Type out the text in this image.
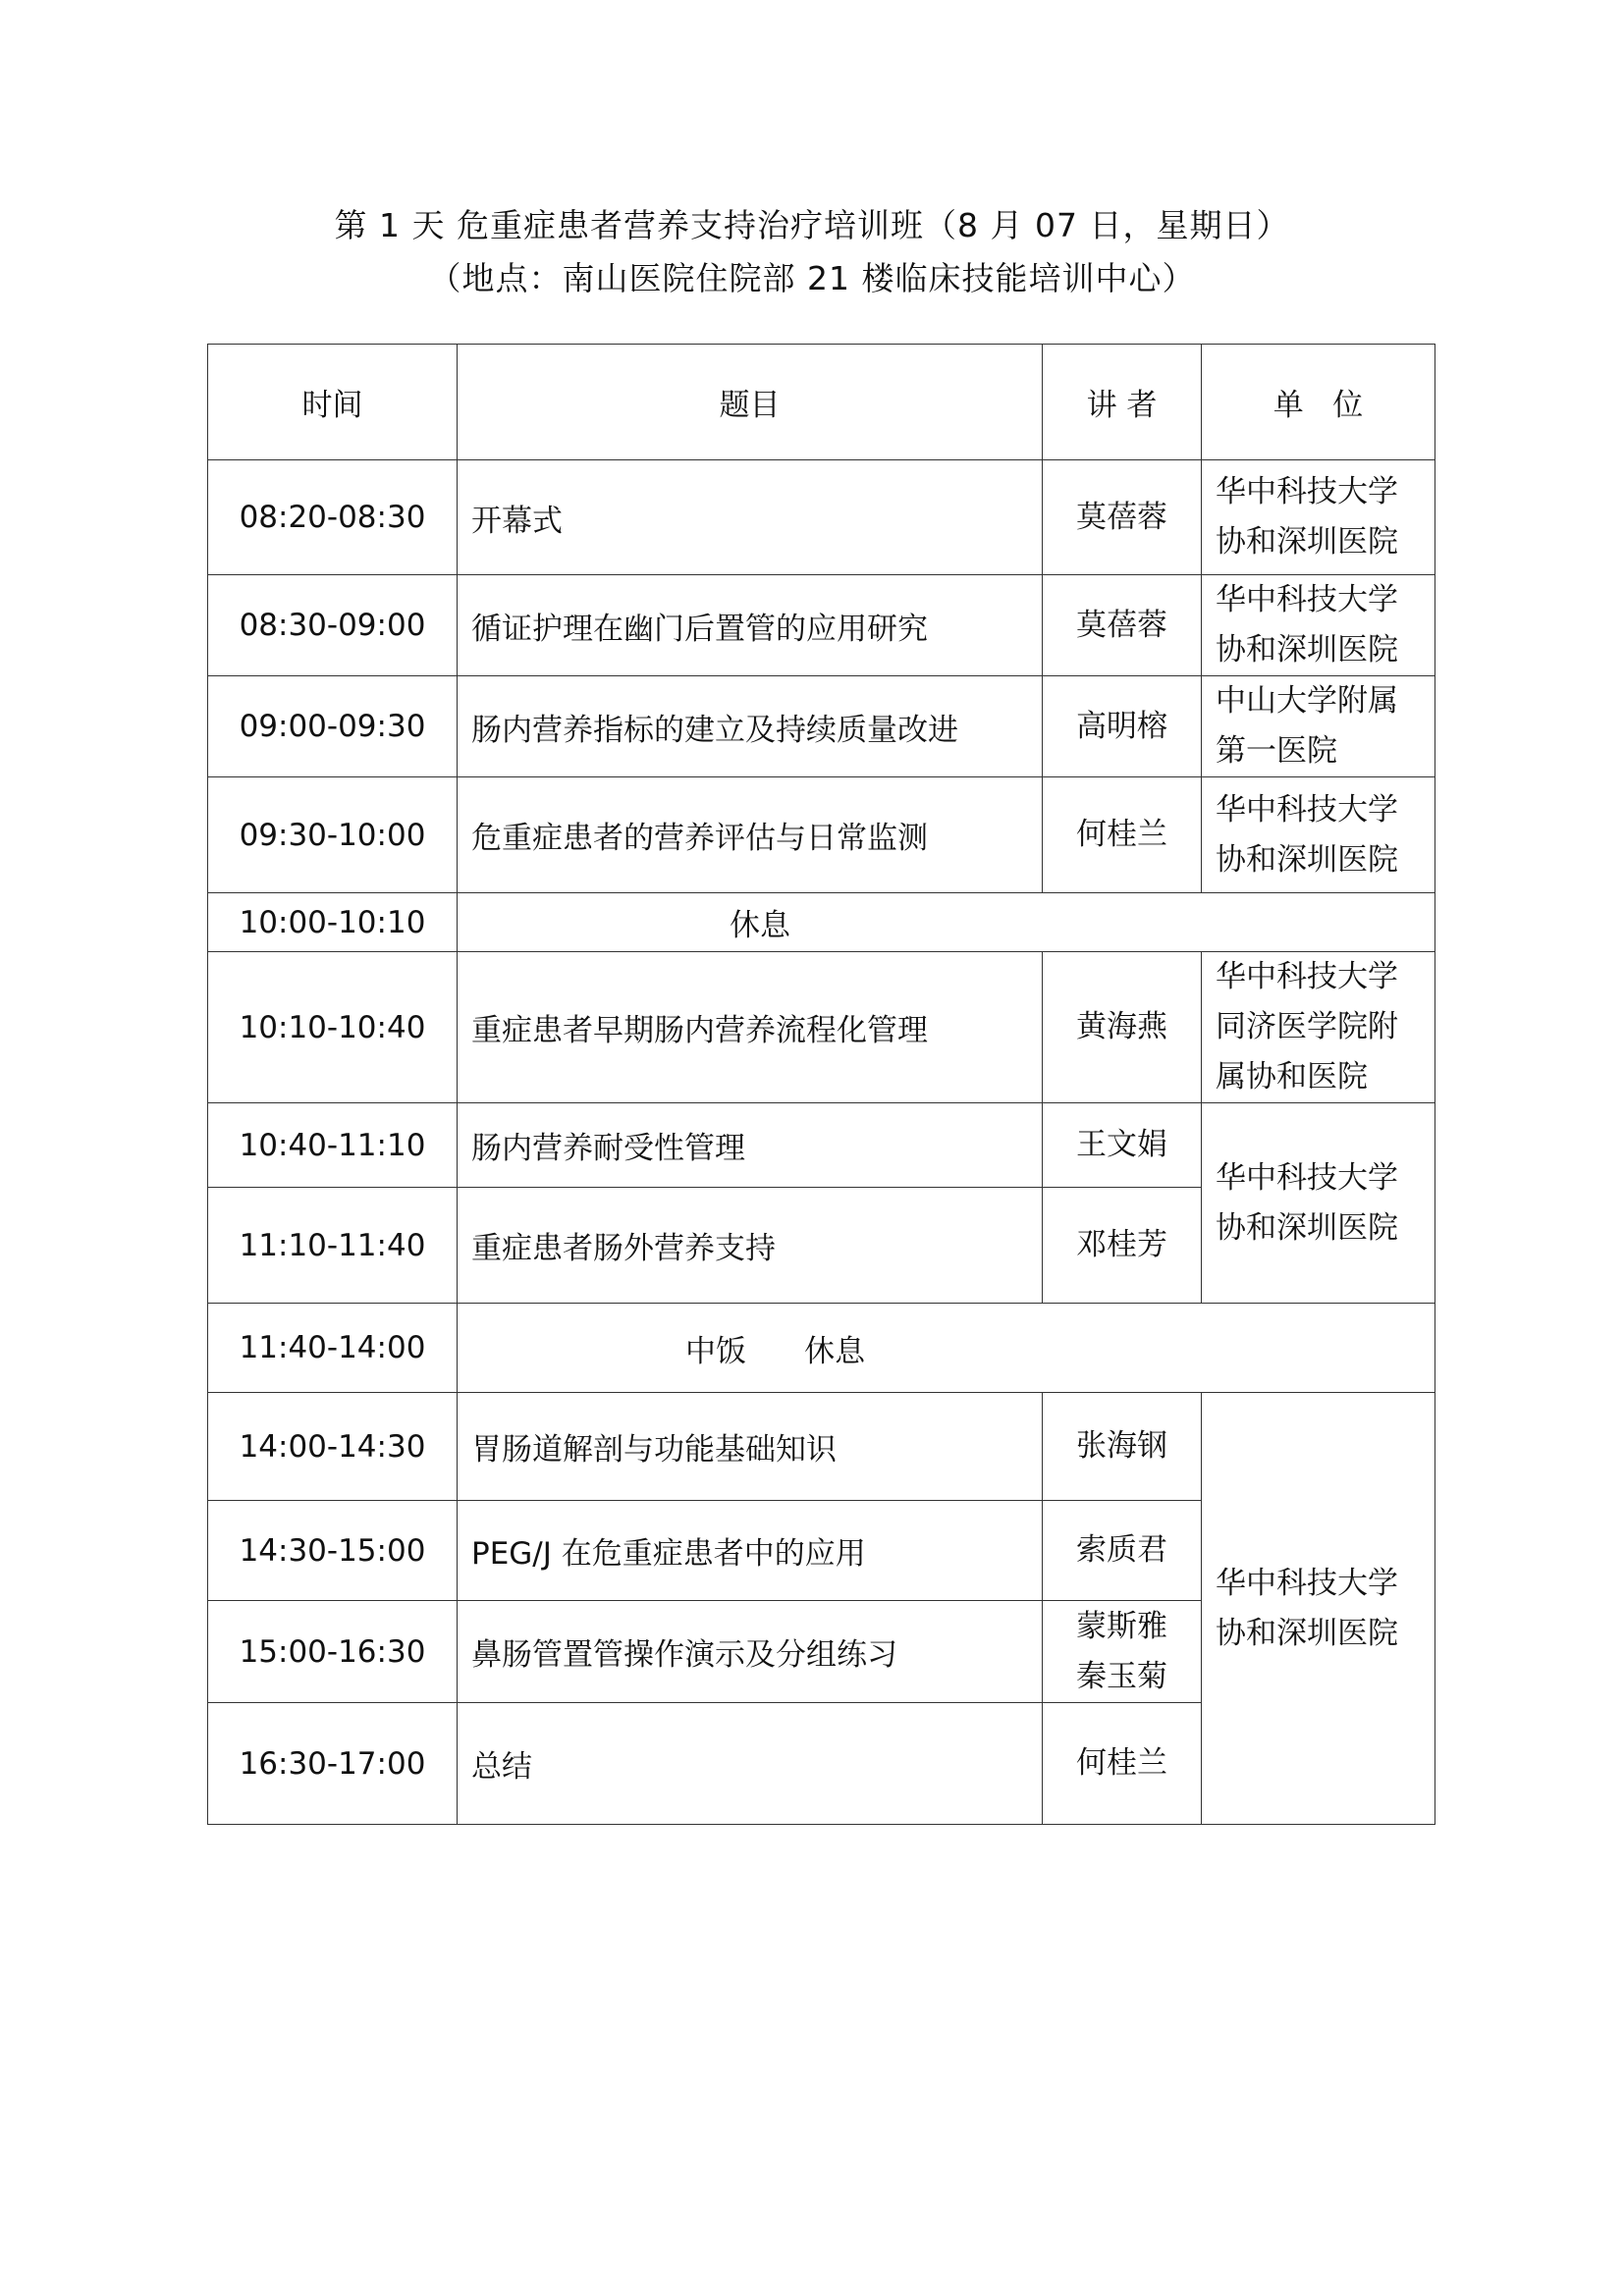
第 1 天 危重症患者营养支持治疗培训班（8 月 07 日，星期日）
（地点：南山医院住院部 21 楼临床技能培训中心）
时间	题目	讲 者	单   位
08:20-08:30	开幕式	莫蓓蓉	华中科技大学
协和深圳医院

08:30-09:00	循证护理在幽门后置管的应用研究	莫蓓蓉	华中科技大学
协和深圳医院

09:00-09:30	肠内营养指标的建立及持续质量改进	高明榕	中山大学附属
第一医院

09:30-10:00	危重症患者的营养评估与日常监测	何桂兰	华中科技大学
协和深圳医院

10:00-10:10	休息		
10:10-10:40	重症患者早期肠内营养流程化管理	黄海燕	华中科技大学
同济医学院附
属协和医院

10:40-11:10	肠内营养耐受性管理	王文娟	华中科技大学
协和深圳医院

11:10-11:40	重症患者肠外营养支持	邓桂芳	
11:40-14:00	中饭      休息		
14:00-14:30	胃肠道解剖与功能基础知识	张海钢	华中科技大学
协和深圳医院

14:30-15:00	PEG/J 在危重症患者中的应用	索质君	
15:00-16:30	鼻肠管置管操作演示及分组练习	蒙斯雅
秦玉菊	

16:30-17:00	总结	何桂兰	
